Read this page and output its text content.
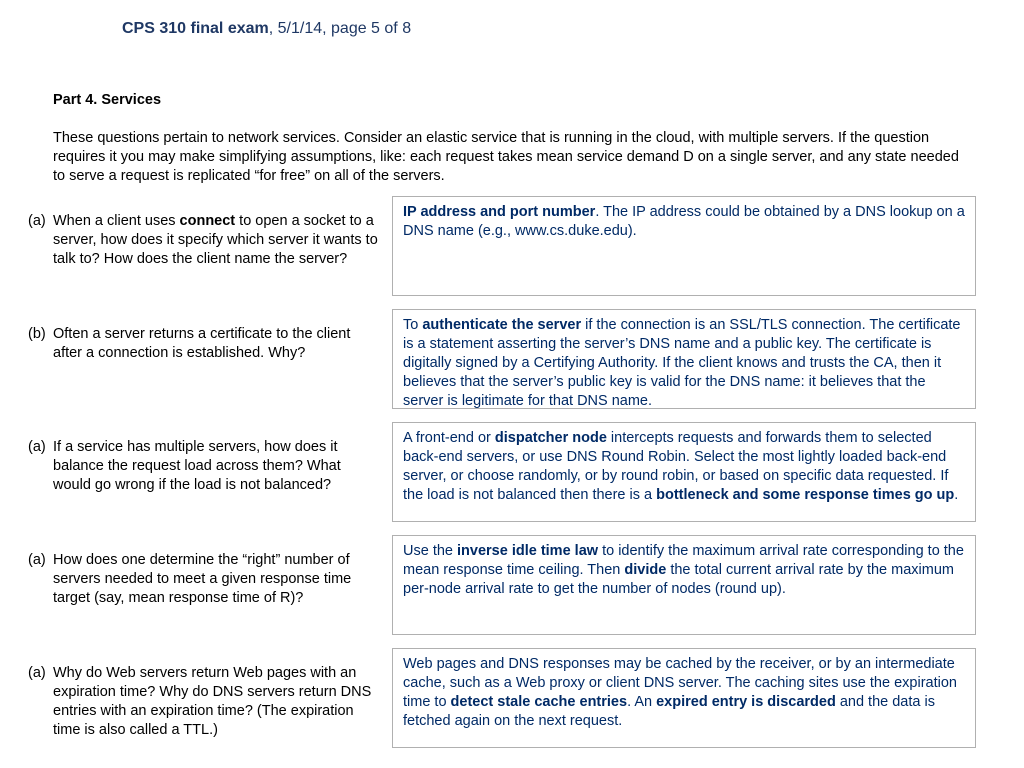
CPS 310 final exam, 5/1/14, page 5 of 8
Part 4. Services
These questions pertain to network services. Consider an elastic service that is running in the cloud, with multiple servers. If the question requires it you may make simplifying assumptions, like: each request takes mean service demand D on a single server, and any state needed to serve a request is replicated “for free” on all of the servers.
(a) When a client uses connect to open a socket to a server, how does it specify which server it wants to talk to? How does the client name the server?
IP address and port number. The IP address could be obtained by a DNS lookup on a DNS name (e.g., www.cs.duke.edu).
(b) Often a server returns a certificate to the client after a connection is established. Why?
To authenticate the server if the connection is an SSL/TLS connection. The certificate is a statement asserting the server’s DNS name and a public key. The certificate is digitally signed by a Certifying Authority. If the client knows and trusts the CA, then it believes that the server’s public key is valid for the DNS name: it believes that the server is legitimate for that DNS name.
(a) If a service has multiple servers, how does it balance the request load across them? What would go wrong if the load is not balanced?
A front-end or dispatcher node intercepts requests and forwards them to selected back-end servers, or use DNS Round Robin. Select the most lightly loaded back-end server, or choose randomly, or by round robin, or based on specific data requested. If the load is not balanced then there is a bottleneck and some response times go up.
(a) How does one determine the “right” number of servers needed to meet a given response time target (say, mean response time of R)?
Use the inverse idle time law to identify the maximum arrival rate corresponding to the mean response time ceiling. Then divide the total current arrival rate by the maximum per-node arrival rate to get the number of nodes (round up).
(a) Why do Web servers return Web pages with an expiration time? Why do DNS servers return DNS entries with an expiration time? (The expiration time is also called a TTL.)
Web pages and DNS responses may be cached by the receiver, or by an intermediate cache, such as a Web proxy or client DNS server. The caching sites use the expiration time to detect stale cache entries. An expired entry is discarded and the data is fetched again on the next request.
